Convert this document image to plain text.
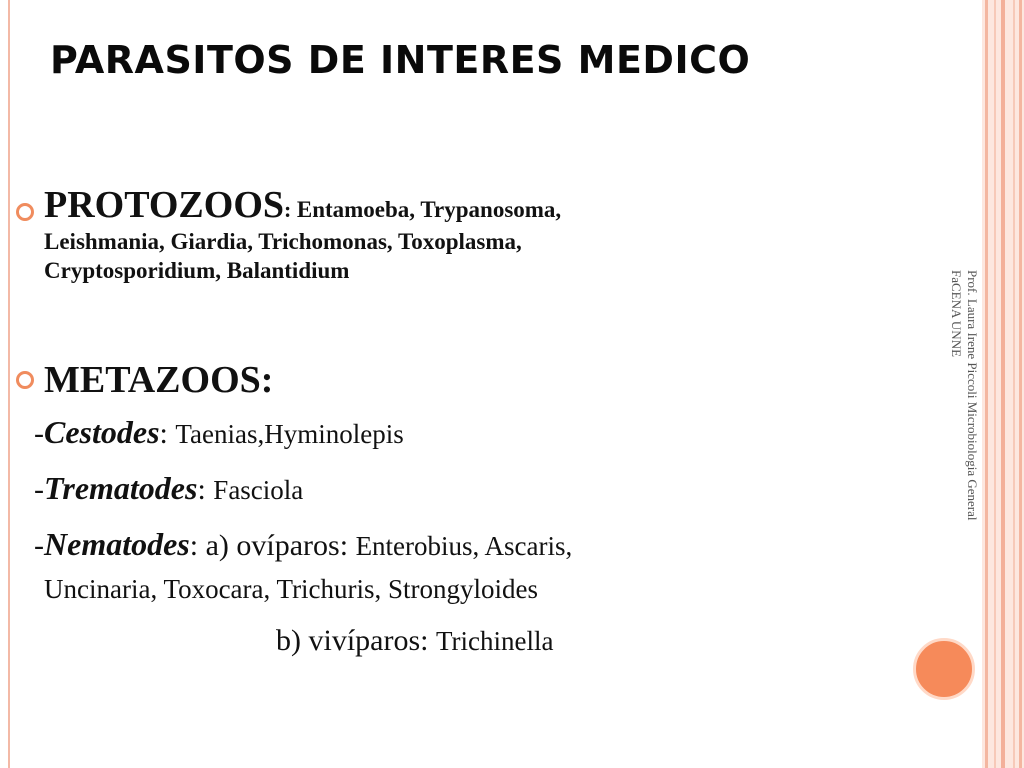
PARASITOS DE INTERES MEDICO
PROTOZOOS: Entamoeba, Trypanosoma,
Leishmania, Giardia, Trichomonas, Toxoplasma,
Cryptosporidium, Balantidium
METAZOOS:
-Cestodes: Taenias,Hyminolepis
-Trematodes: Fasciola
-Nematodes: a) ovíparos: Enterobius, Ascaris,
Uncinaria, Toxocara, Trichuris, Strongyloides
b) vivíparos: Trichinella
Prof. Laura Irene Piccoli Microbiologia General
FaCENA UNNE
